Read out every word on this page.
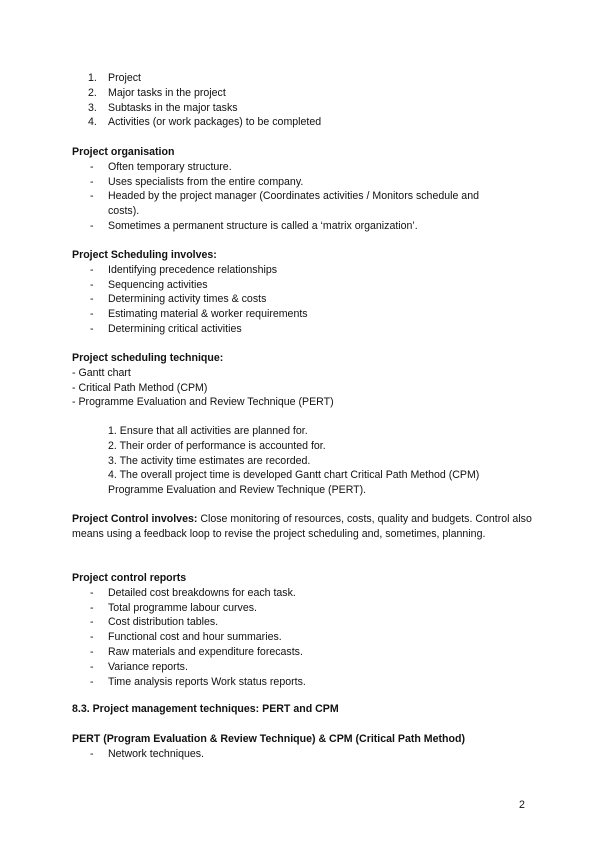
1. Project
2. Major tasks in the project
3. Subtasks in the major tasks
4. Activities (or work packages) to be completed
Project organisation
- Often temporary structure.
- Uses specialists from the entire company.
- Headed by the project manager (Coordinates activities / Monitors schedule and costs).
- Sometimes a permanent structure is called a ‘matrix organization’.
Project Scheduling involves:
- Identifying precedence relationships
- Sequencing activities
- Determining activity times & costs
- Estimating material & worker requirements
- Determining critical activities
Project scheduling technique:
- Gantt chart
- Critical Path Method (CPM)
- Programme Evaluation and Review Technique (PERT)
1. Ensure that all activities are planned for.
2. Their order of performance is accounted for.
3. The activity time estimates are recorded.
4. The overall project time is developed Gantt chart Critical Path Method (CPM) Programme Evaluation and Review Technique (PERT).
Project Control involves: Close monitoring of resources, costs, quality and budgets. Control also means using a feedback loop to revise the project scheduling and, sometimes, planning.
Project control reports
- Detailed cost breakdowns for each task.
- Total programme labour curves.
- Cost distribution tables.
- Functional cost and hour summaries.
- Raw materials and expenditure forecasts.
- Variance reports.
- Time analysis reports Work status reports.
8.3. Project management techniques: PERT and CPM
PERT (Program Evaluation & Review Technique) & CPM (Critical Path Method)
- Network techniques.
2
